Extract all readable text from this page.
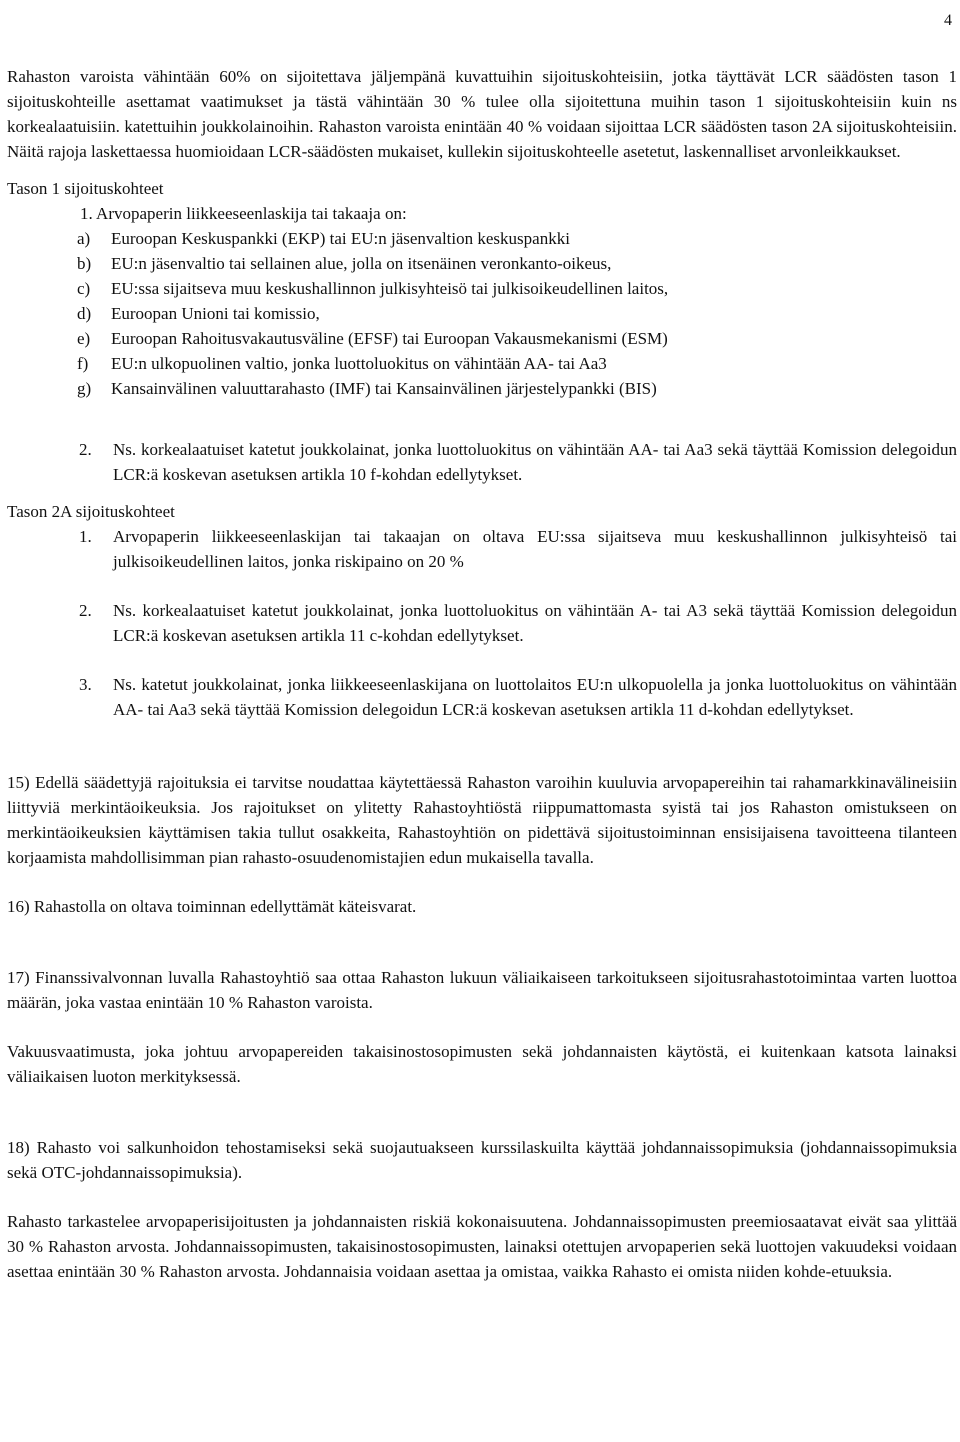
4

Rahaston varoista vähintään 60% on sijoitettava jäljempänä kuvattuihin sijoituskohteisiin, jotka täyttävät LCR säädösten tason 1 sijoituskohteille asettamat vaatimukset ja tästä vähintään 30 % tulee olla sijoitettuna muihin tason 1 sijoituskohteisiin kuin ns korkealaatuisiin. katettuihin joukkolainoihin. Rahaston varoista enintään 40 % voidaan sijoittaa LCR säädösten tason 2A sijoituskohteisiin. Näitä rajoja laskettaessa huomioidaan LCR-säädösten mukaiset, kullekin sijoituskohteelle asetetut, laskennalliset arvonleikkaukset.

Tason 1 sijoituskohteet

1. Arvopaperin liikkeeseenlaskija tai takaaja on:

a)	Euroopan Keskuspankki (EKP) tai EU:n jäsenvaltion keskuspankki
b)	EU:n jäsenvaltio tai sellainen alue, jolla on itsenäinen veronkanto-oikeus,
c)	EU:ssa sijaitseva muu keskushallinnon julkisyhteisö tai julkisoikeudellinen laitos,
d)	Euroopan Unioni tai komissio,
e)	Euroopan Rahoitusvakautusväline (EFSF) tai Euroopan Vakausmekanismi (ESM)
f)	EU:n ulkopuolinen valtio, jonka luottoluokitus on vähintään AA- tai Aa3
g)	Kansainvälinen valuuttarahasto (IMF) tai Kansainvälinen järjestelypankki (BIS)
2.	Ns. korkealaatuiset katetut joukkolainat, jonka luottoluokitus on vähintään AA- tai Aa3 sekä täyttää Komission delegoidun LCR:ä koskevan asetuksen artikla 10 f-kohdan edellytykset.

Tason 2A sijoituskohteet

1.	Arvopaperin liikkeeseenlaskijan tai takaajan on oltava EU:ssa sijaitseva muu keskushallinnon julkisyhteisö tai julkisoikeudellinen laitos, jonka riskipaino on 20 %
2.	Ns. korkealaatuiset katetut joukkolainat, jonka luottoluokitus on vähintään A- tai A3 sekä täyttää Komission delegoidun LCR:ä koskevan asetuksen artikla 11 c-kohdan edellytykset.
3.	Ns. katetut joukkolainat, jonka liikkeeseenlaskijana on luottolaitos EU:n ulkopuolella ja jonka luottoluokitus on vähintään AA- tai Aa3 sekä täyttää Komission delegoidun LCR:ä koskevan asetuksen artikla 11 d-kohdan edellytykset.

15) Edellä säädettyjä rajoituksia ei tarvitse noudattaa käytettäessä Rahaston varoihin kuuluvia arvopapereihin tai rahamarkkinavälineisiin liittyviä merkintäoikeuksia. Jos rajoitukset on ylitetty Rahastoyhtiöstä riippumattomasta syistä tai jos Rahaston omistukseen on merkintäoikeuksien käyttämisen takia tullut osakkeita, Rahastoyhtiön on pidettävä sijoitustoiminnan ensisijaisena tavoitteena tilanteen korjaamista mahdollisimman pian rahasto-osuudenomistajien edun mukaisella tavalla.

16) Rahastolla on oltava toiminnan edellyttämät käteisvarat.

17) Finanssivalvonnan luvalla Rahastoyhtiö saa ottaa Rahaston lukuun väliaikaiseen tarkoitukseen sijoitusrahastotoimintaa varten luottoa määrän, joka vastaa enintään 10 % Rahaston varoista.

Vakuusvaatimusta, joka johtuu arvopapereiden takaisinostosopimusten sekä johdannaisten käytöstä, ei kuitenkaan katsota lainaksi väliaikaisen luoton merkityksessä.

18) Rahasto voi salkunhoidon tehostamiseksi sekä suojautuakseen kurssilaskuilta käyttää johdannaissopimuksia (johdannaissopimuksia sekä OTC-johdannaissopimuksia).

Rahasto tarkastelee arvopaperisijoitusten ja johdannaisten riskiä kokonaisuutena. Johdannaissopimusten preemiosaatavat eivät saa ylittää 30 % Rahaston arvosta. Johdannaissopimusten, takaisinostosopimusten, lainaksi otettujen arvopaperien sekä luottojen vakuudeksi voidaan asettaa enintään 30 % Rahaston arvosta. Johdannaisia voidaan asettaa ja omistaa, vaikka Rahasto ei omista niiden kohde-etuuksia.
